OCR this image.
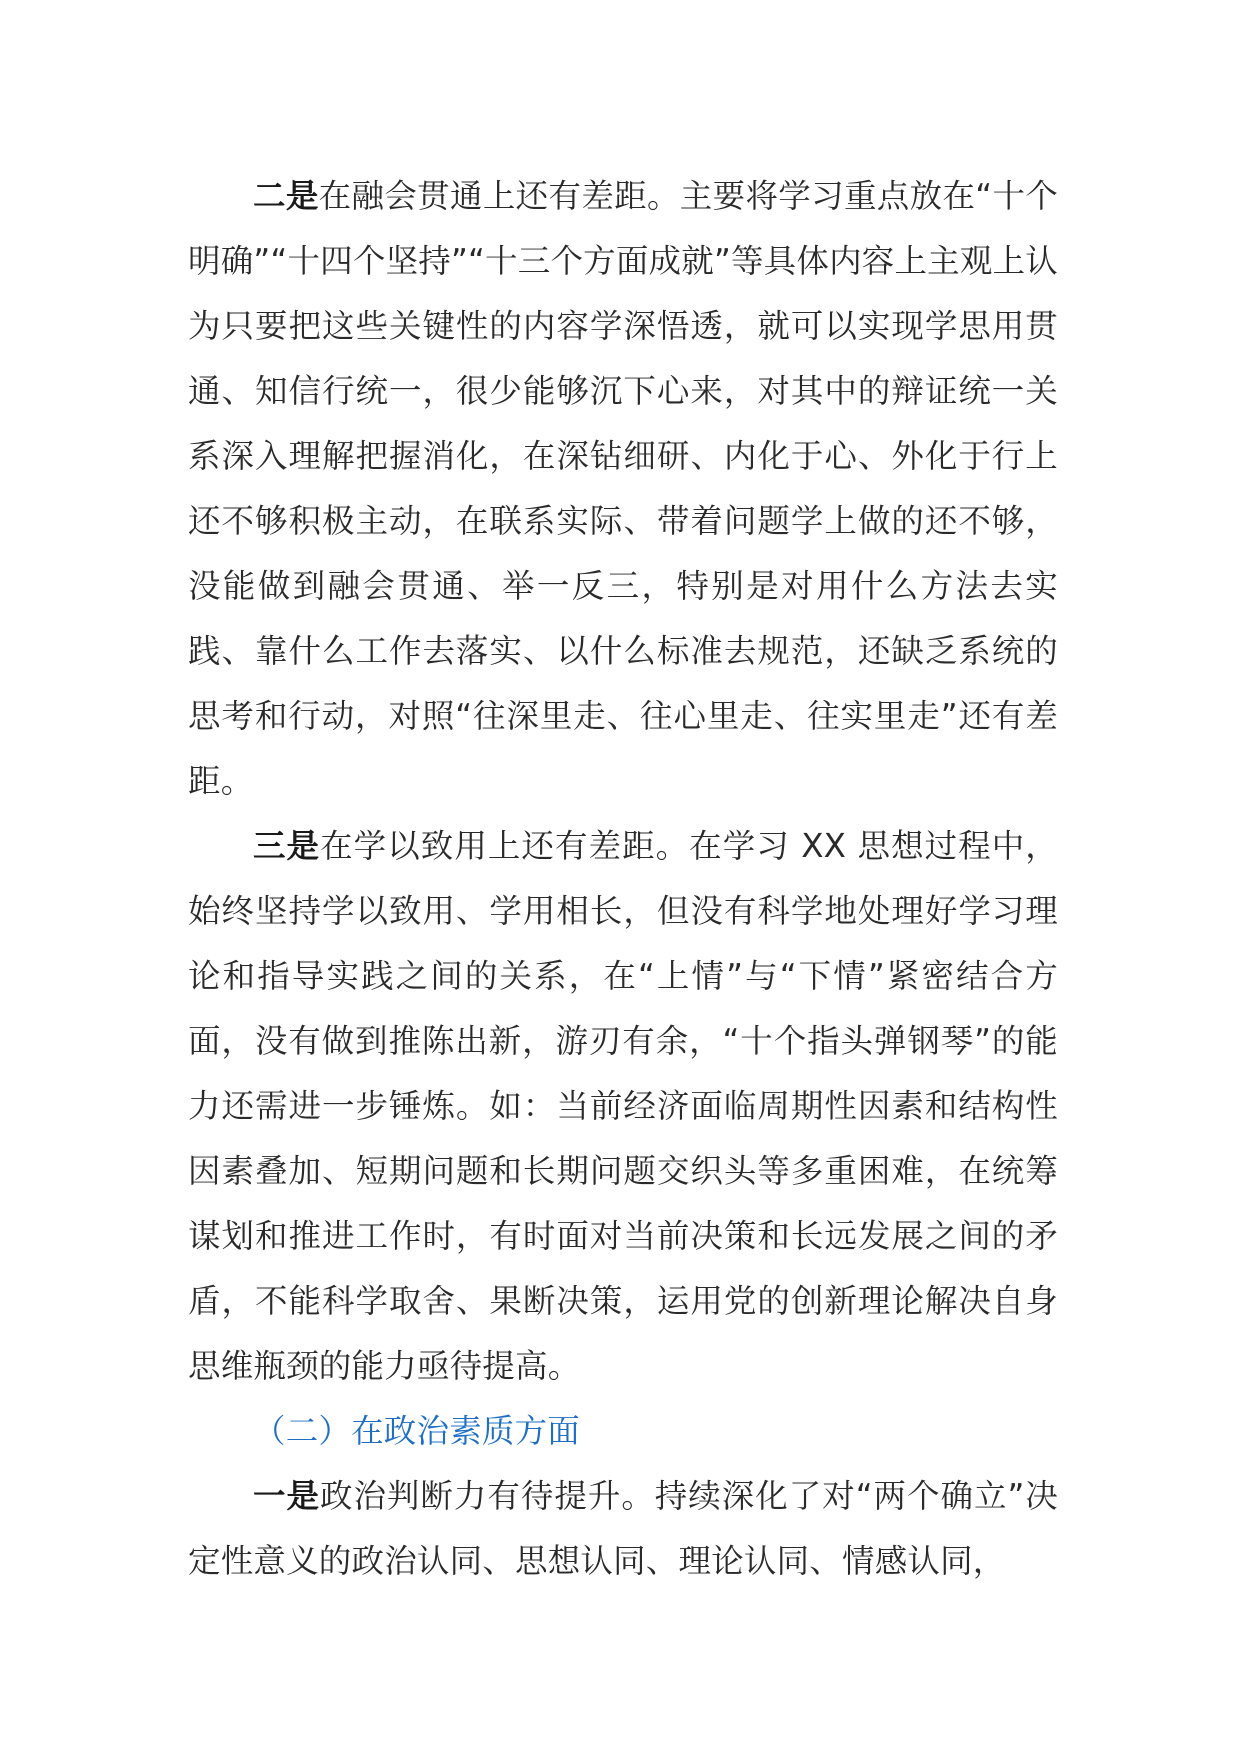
二是在融会贯通上还有差距。主要将学习重点放在“十个明确”“十四个坚持”“十三个方面成就”等具体内容上主观上认为只要把这些关键性的内容学深悟透，就可以实现学思用贯通、知信行统一，很少能够沉下心来，对其中的辩证统一关系深入理解把握消化，在深钻细研、内化于心、外化于行上还不够积极主动，在联系实际、带着问题学上做的还不够，没能做到融会贯通、举一反三，特别是对用什么方法去实践、靠什么工作去落实、以什么标准去规范，还缺乏系统的思考和行动，对照“往深里走、往心里走、往实里走”还有差距。

三是在学以致用上还有差距。在学习 XX 思想过程中，始终坚持学以致用、学用相长，但没有科学地处理好学习理论和指导实践之间的关系，在“上情”与“下情”紧密结合方面，没有做到推陈出新，游刃有余，“十个指头弹钢琴”的能力还需进一步锤炼。如：当前经济面临周期性因素和结构性因素叠加、短期问题和长期问题交织头等多重困难，在统筹谋划和推进工作时，有时面对当前决策和长远发展之间的矛盾，不能科学取舍、果断决策，运用党的创新理论解决自身思维瓶颈的能力亟待提高。

（二）在政治素质方面

一是政治判断力有待提升。持续深化了对“两个确立”决定性意义的政治认同、思想认同、理论认同、情感认同，
